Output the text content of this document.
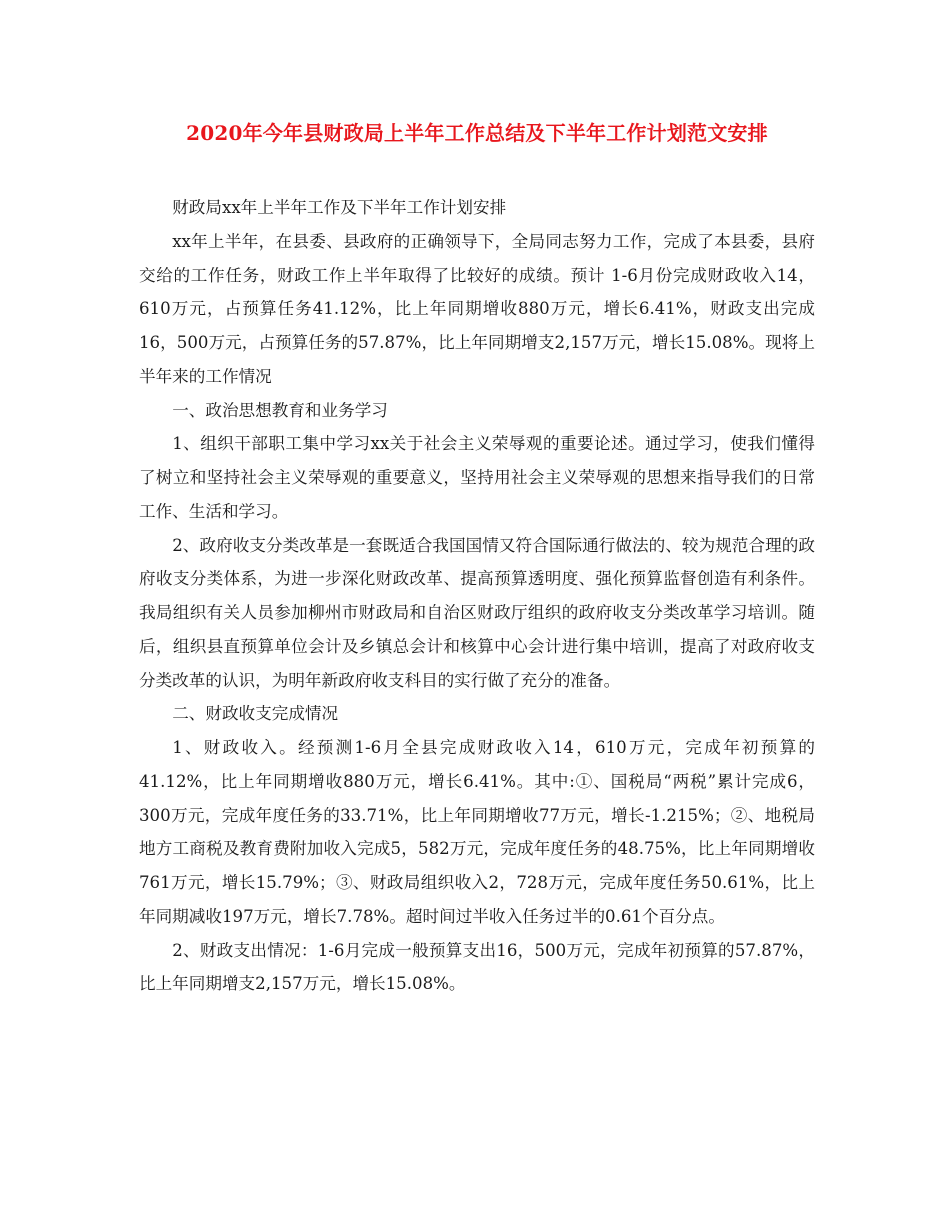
2020年今年县财政局上半年工作总结及下半年工作计划范文安排

财政局xx年上半年工作及下半年工作计划安排

xx年上半年，在县委、县政府的正确领导下，全局同志努力工作，完成了本县委，县府交给的工作任务，财政工作上半年取得了比较好的成绩。预计 1-6月份完成财政收入14，610万元，占预算任务41.12%，比上年同期增收880万元，增长6.41%，财政支出完成16，500万元，占预算任务的57.87%，比上年同期增支2,157万元，增长15.08%。现将上半年来的工作情况

一、政治思想教育和业务学习

1、组织干部职工集中学习xx关于社会主义荣辱观的重要论述。通过学习，使我们懂得了树立和坚持社会主义荣辱观的重要意义，坚持用社会主义荣辱观的思想来指导我们的日常工作、生活和学习。

2、政府收支分类改革是一套既适合我国国情又符合国际通行做法的、较为规范合理的政府收支分类体系，为进一步深化财政改革、提高预算透明度、强化预算监督创造有利条件。我局组织有关人员参加柳州市财政局和自治区财政厅组织的政府收支分类改革学习培训。随后，组织县直预算单位会计及乡镇总会计和核算中心会计进行集中培训，提高了对政府收支分类改革的认识，为明年新政府收支科目的实行做了充分的准备。

二、财政收支完成情况

1、财政收入。经预测1-6月全县完成财政收入14，610万元，完成年初预算的41.12%，比上年同期增收880万元，增长6.41%。其中:①、国税局“两税”累计完成6，300万元，完成年度任务的33.71%，比上年同期增收77万元，增长-1.215%；②、地税局地方工商税及教育费附加收入完成5，582万元，完成年度任务的48.75%，比上年同期增收761万元，增长15.79%；③、财政局组织收入2，728万元，完成年度任务50.61%，比上年同期减收197万元，增长7.78%。超时间过半收入任务过半的0.61个百分点。

2、财政支出情况：1-6月完成一般预算支出16，500万元，完成年初预算的57.87%，比上年同期增支2,157万元，增长15.08%。
